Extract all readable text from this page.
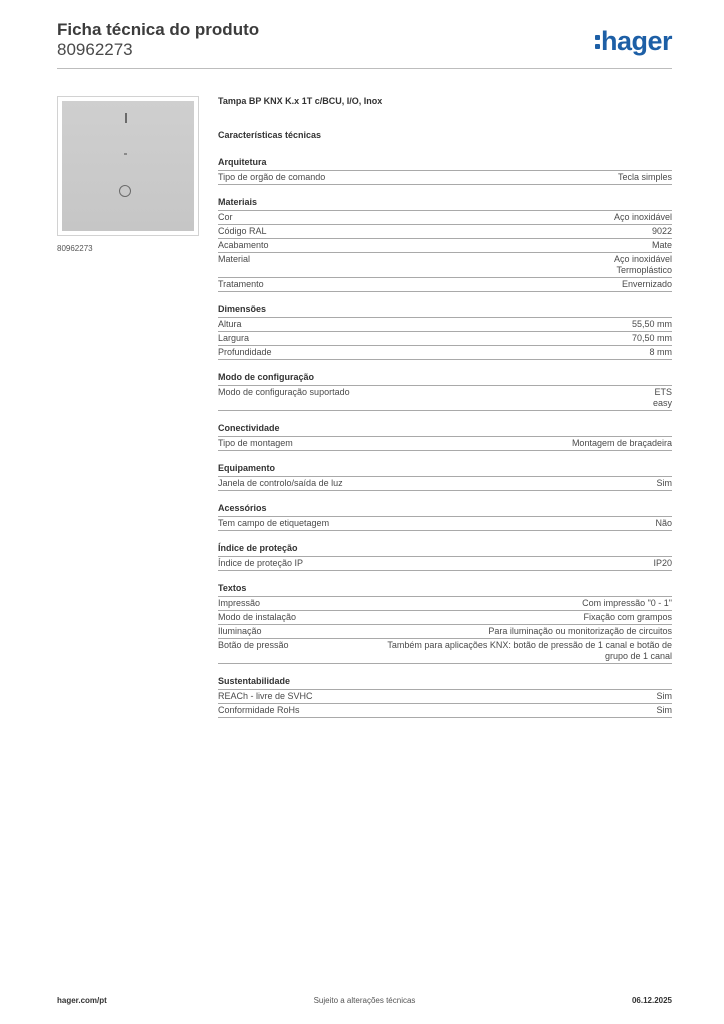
Ficha técnica do produto
80962273	hager
80962273
Tampa BP KNX K.x 1T c/BCU, I/O, Inox
Características técnicas
Arquitetura
Tipo de orgão de comando	Tecla simples
Materiais
Cor	Aço inoxidável
Código RAL	9022
Acabamento	Mate
Material	Aço inoxidável
Termoplástico
Tratamento	Envernizado
Dimensões
Altura	55,50 mm
Largura	70,50 mm
Profundidade	8 mm
Modo de configuração
Modo de configuração suportado	ETS
easy
Conectividade
Tipo de montagem	Montagem de braçadeira
Equipamento
Janela de controlo/saída de luz	Sim
Acessórios
Tem campo de etiquetagem	Não
Índice de proteção
Índice de proteção IP	IP20
Textos
Impressão	Com impressão "0 - 1"
Modo de instalação	Fixação com grampos
Iluminação	Para iluminação ou monitorização de circuitos
Botão de pressão	Também para aplicações KNX: botão de pressão de 1 canal e botão de
grupo de 1 canal
Sustentabilidade
REACh - livre de SVHC	Sim
Conformidade RoHs	Sim
hager.com/pt	Sujeito a alterações técnicas	06.12.2025
